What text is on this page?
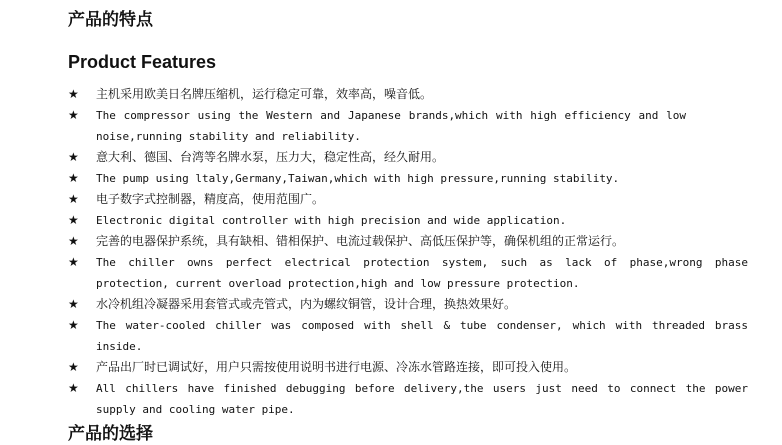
产品的特点
Product Features
★ 主机采用欧美日名牌压缩机，运行稳定可靠，效率高，噪音低。
★ The compressor using the Western and Japanese brands,which with high efficiency and low noise,running stability and reliability.
★ 意大利、德国、台湾等名牌水泵，压力大，稳定性高，经久耐用。
★ The pump using ltaly,Germany,Taiwan,which with high pressure,running stability.
★ 电子数字式控制器，精度高，使用范围广。
★ Electronic digital controller with high precision and wide application.
★ 完善的电器保护系统，具有缺相、错相保护、电流过载保护、高低压保护等，确保机组的正常运行。
★ The chiller owns perfect electrical protection system, such as lack of phase,wrong phase protection, current overload protection,high and low pressure protection.
★ 水冷机组冷凝器采用套管式或壳管式，内为螺纹铜管，设计合理，换热效果好。
★ The water-cooled chiller was composed with shell & tube condenser, which with threaded brass inside.
★ 产品出厂时已调试好，用户只需按使用说明书进行电源、冷冻水管路连接，即可投入使用。
★ All chillers have finished debugging before delivery,the users just need to connect the power supply and cooling water pipe.
产品的选择
